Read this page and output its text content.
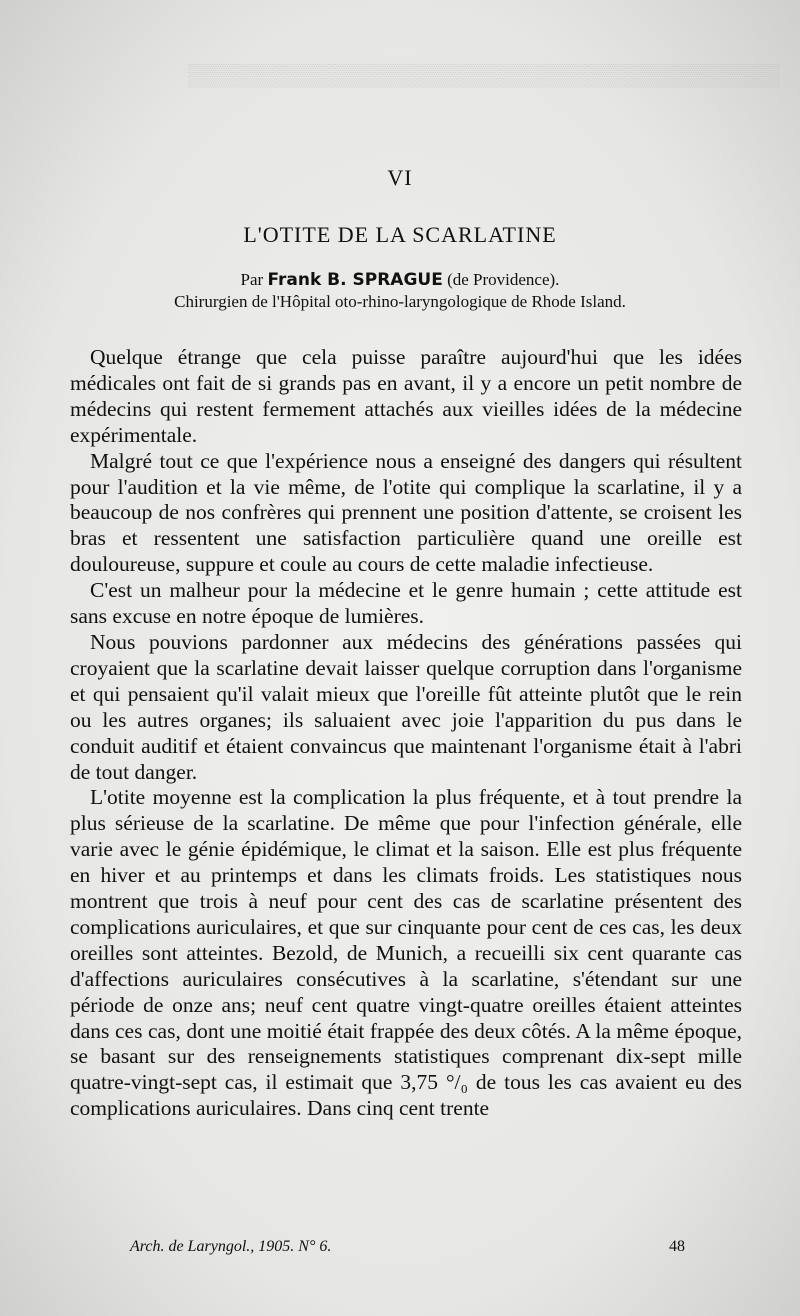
▒▒▒▒▒▒▒▒▒▒▒▒▒▒▒▒▒▒▒▒▒▒▒▒▒▒▒▒▒▒▒▒▒▒▒▒▒▒
VI
L'OTITE DE LA SCARLATINE
Par Frank B. SPRAGUE (de Providence).
Chirurgien de l'Hôpital oto-rhino-laryngologique de Rhode Island.

Quelque étrange que cela puisse paraître aujourd'hui que les idées médicales ont fait de si grands pas en avant, il y a encore un petit nombre de médecins qui restent fermement attachés aux vieilles idées de la médecine expérimentale.

Malgré tout ce que l'expérience nous a enseigné des dangers qui résultent pour l'audition et la vie même, de l'otite qui complique la scarlatine, il y a beaucoup de nos confrères qui prennent une position d'attente, se croisent les bras et ressentent une satisfaction particulière quand une oreille est douloureuse, suppure et coule au cours de cette maladie infectieuse.

C'est un malheur pour la médecine et le genre humain ; cette attitude est sans excuse en notre époque de lumières.

Nous pouvions pardonner aux médecins des générations passées qui croyaient que la scarlatine devait laisser quelque corruption dans l'organisme et qui pensaient qu'il valait mieux que l'oreille fût atteinte plutôt que le rein ou les autres organes; ils saluaient avec joie l'apparition du pus dans le conduit auditif et étaient convaincus que maintenant l'organisme était à l'abri de tout danger.

L'otite moyenne est la complication la plus fréquente, et à tout prendre la plus sérieuse de la scarlatine. De même que pour l'infection générale, elle varie avec le génie épidémique, le climat et la saison. Elle est plus fréquente en hiver et au printemps et dans les climats froids. Les statistiques nous montrent que trois à neuf pour cent des cas de scarlatine présentent des complications auriculaires, et que sur cinquante pour cent de ces cas, les deux oreilles sont atteintes. Bezold, de Munich, a recueilli six cent quarante cas d'affections auriculaires consécutives à la scarlatine, s'étendant sur une période de onze ans; neuf cent quatre vingt-quatre oreilles étaient atteintes dans ces cas, dont une moitié était frappée des deux côtés. A la même époque, se basant sur des renseignements statistiques comprenant dix-sept mille quatre-vingt-sept cas, il estimait que 3,75 °/₀ de tous les cas avaient eu des complications auriculaires. Dans cinq cent trente

Arch. de Laryngol., 1905. N° 6.	48
